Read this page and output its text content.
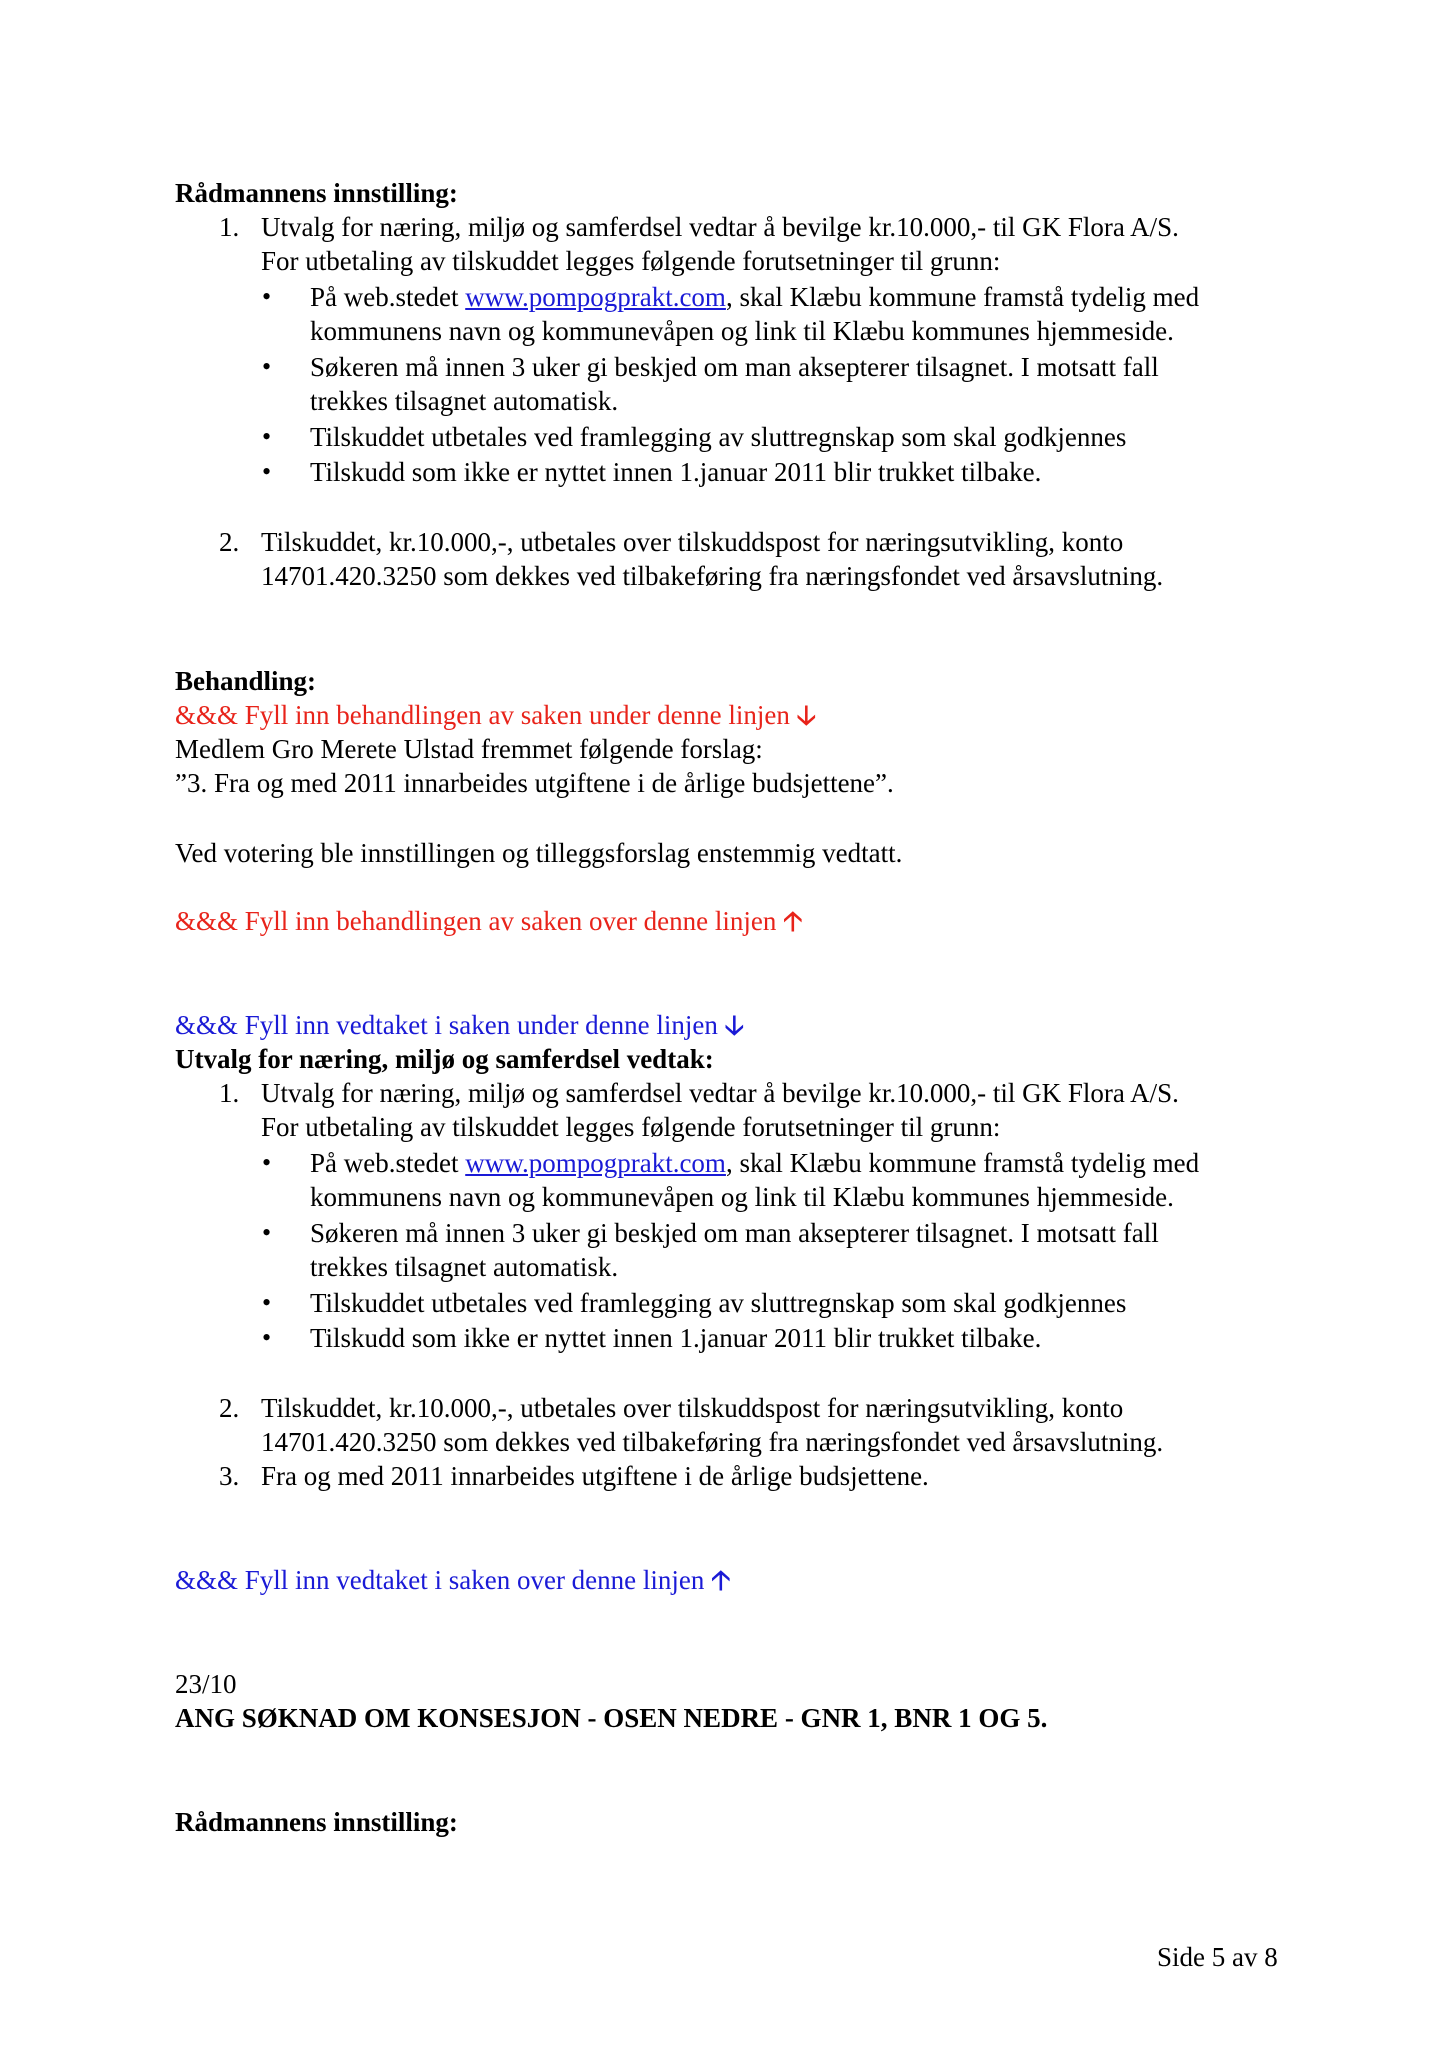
Rådmannens innstilling:
1. Utvalg for næring, miljø og samferdsel vedtar å bevilge kr.10.000,- til GK Flora A/S.
For utbetaling av tilskuddet legges følgende forutsetninger til grunn:
• På web.stedet www.pompogprakt.com, skal Klæbu kommune framstå tydelig med
kommunens navn og kommunevåpen og link til Klæbu kommunes hjemmeside.
• Søkeren må innen 3 uker gi beskjed om man aksepterer tilsagnet. I motsatt fall
trekkes tilsagnet automatisk.
• Tilskuddet utbetales ved framlegging av sluttregnskap som skal godkjennes
• Tilskudd som ikke er nyttet innen 1.januar 2011 blir trukket tilbake.
2. Tilskuddet, kr.10.000,-, utbetales over tilskuddspost for næringsutvikling, konto
14701.420.3250 som dekkes ved tilbakeføring fra næringsfondet ved årsavslutning.
Behandling:
&&& Fyll inn behandlingen av saken under denne linjen 🡣
Medlem Gro Merete Ulstad fremmet følgende forslag:
”3. Fra og med 2011 innarbeides utgiftene i de årlige budsjettene”.
Ved votering ble innstillingen og tilleggsforslag enstemmig vedtatt.
&&& Fyll inn behandlingen av saken over denne linjen 🡡
&&& Fyll inn vedtaket i saken under denne linjen 🡣
Utvalg for næring, miljø og samferdsel vedtak:
1. Utvalg for næring, miljø og samferdsel vedtar å bevilge kr.10.000,- til GK Flora A/S.
For utbetaling av tilskuddet legges følgende forutsetninger til grunn:
• På web.stedet www.pompogprakt.com, skal Klæbu kommune framstå tydelig med
kommunens navn og kommunevåpen og link til Klæbu kommunes hjemmeside.
• Søkeren må innen 3 uker gi beskjed om man aksepterer tilsagnet. I motsatt fall
trekkes tilsagnet automatisk.
• Tilskuddet utbetales ved framlegging av sluttregnskap som skal godkjennes
• Tilskudd som ikke er nyttet innen 1.januar 2011 blir trukket tilbake.
2. Tilskuddet, kr.10.000,-, utbetales over tilskuddspost for næringsutvikling, konto
14701.420.3250 som dekkes ved tilbakeføring fra næringsfondet ved årsavslutning.
3. Fra og med 2011 innarbeides utgiftene i de årlige budsjettene.
&&& Fyll inn vedtaket i saken over denne linjen 🡡
23/10
ANG SØKNAD OM KONSESJON - OSEN NEDRE - GNR 1, BNR 1 OG 5.
Rådmannens innstilling:
Side 5 av 8
